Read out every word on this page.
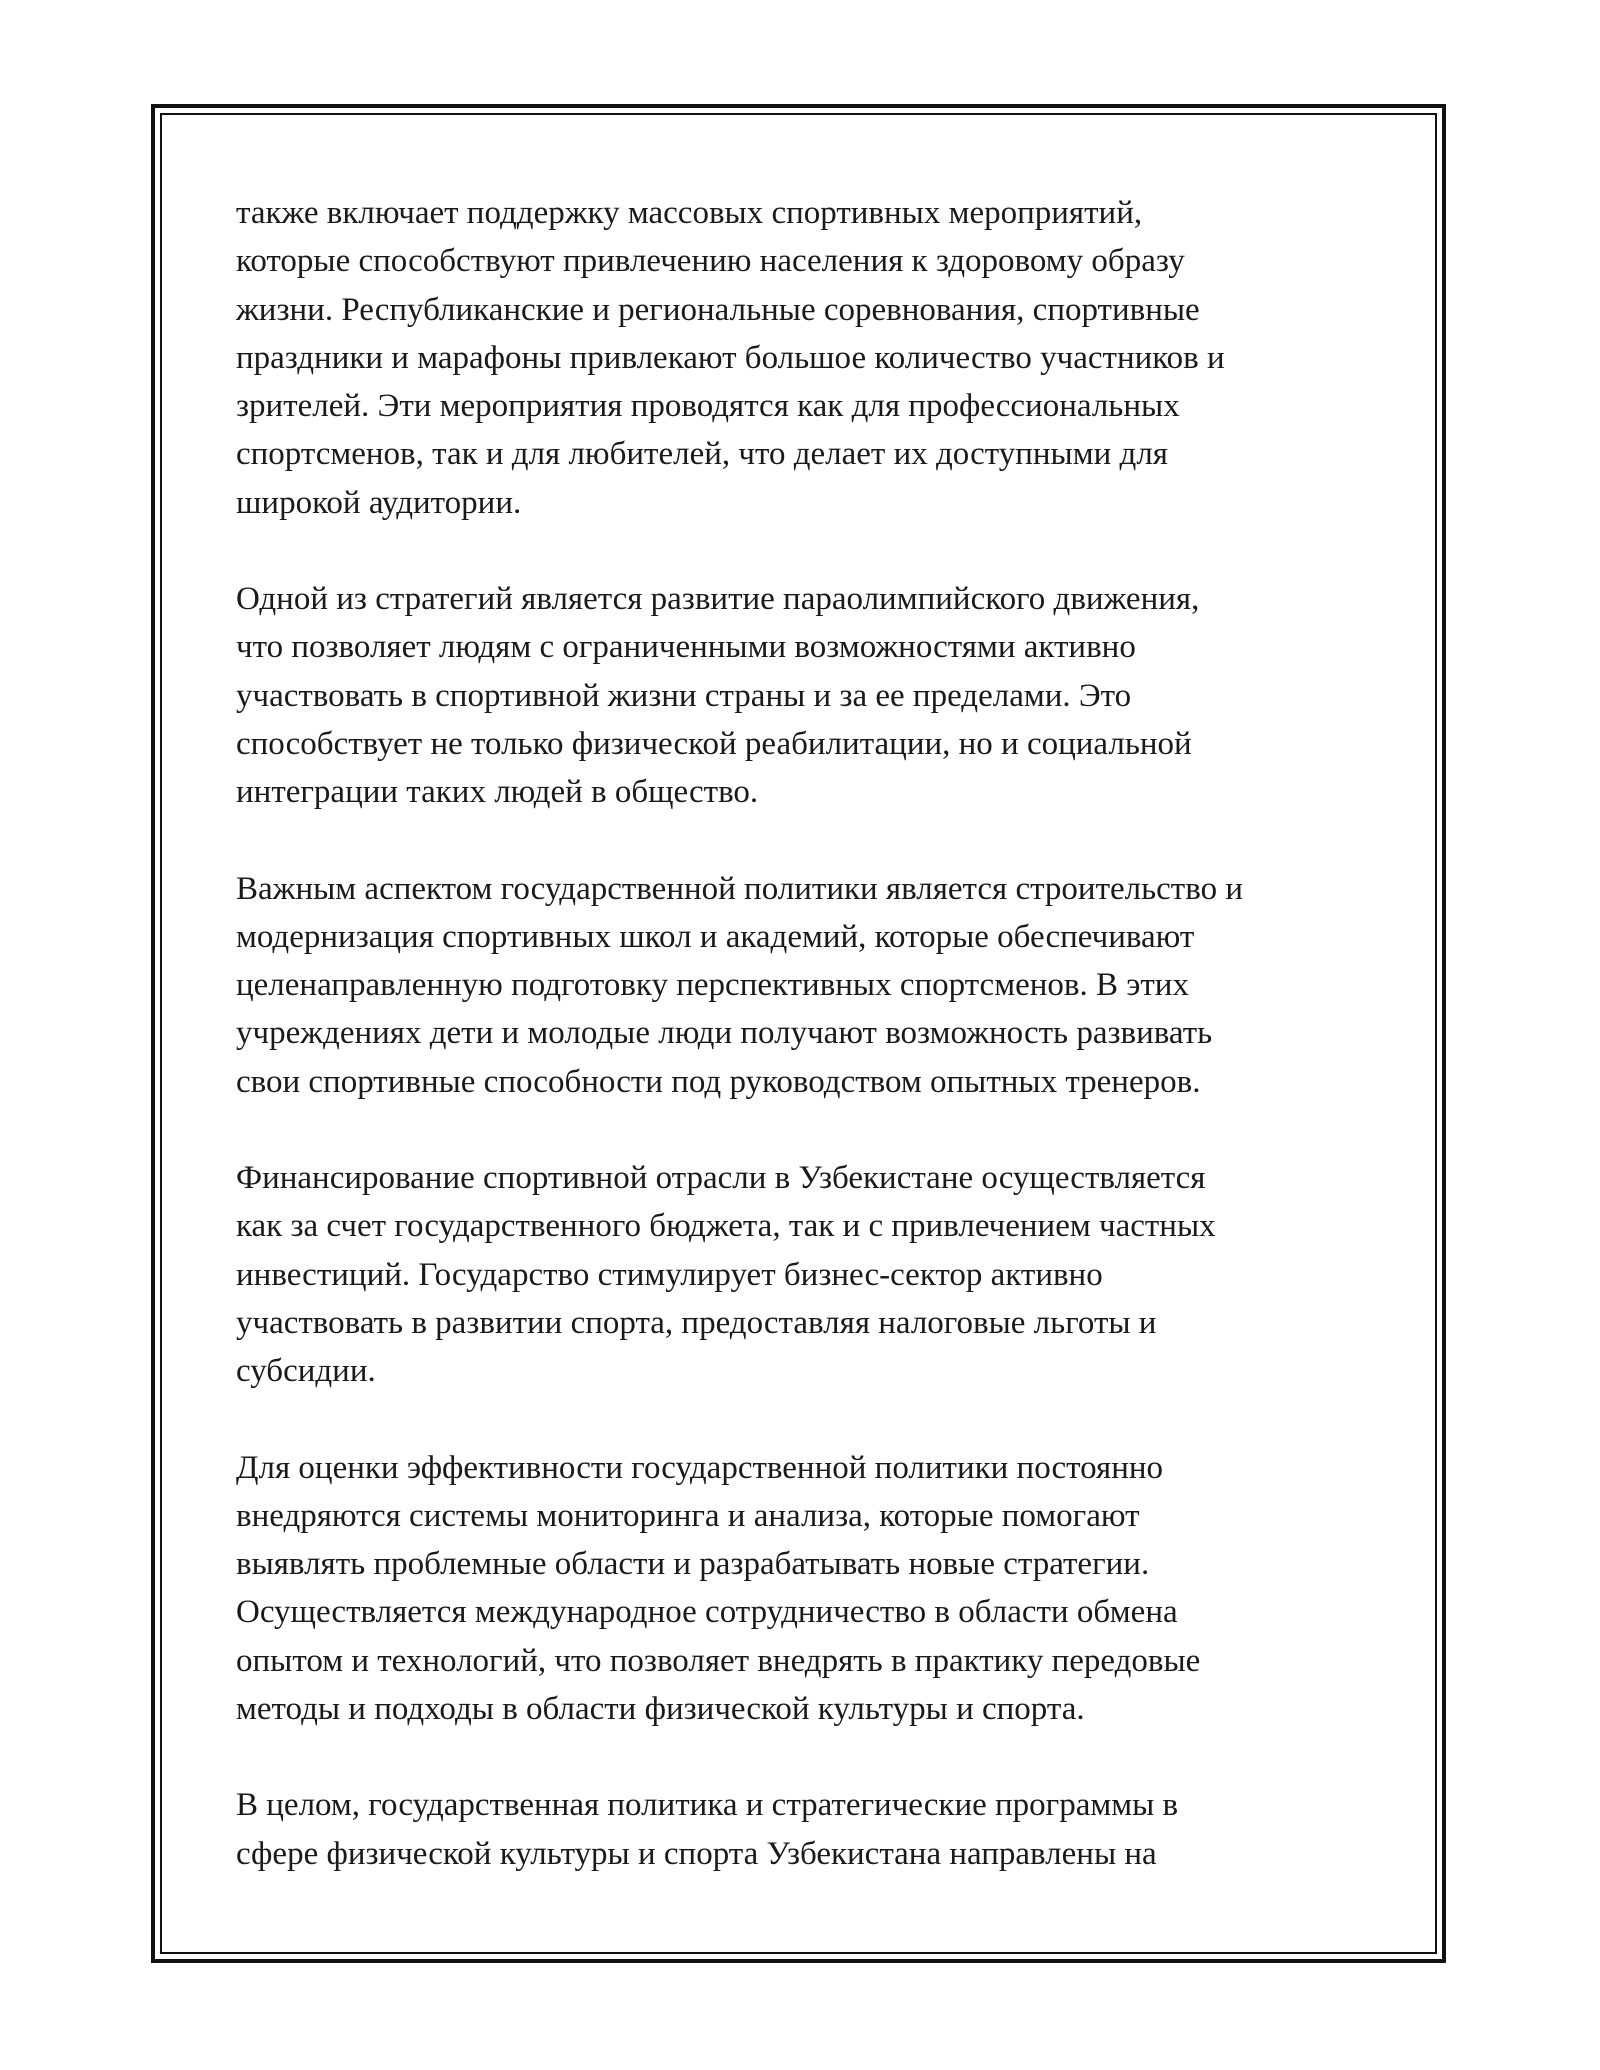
также включает поддержку массовых спортивных мероприятий,
которые способствуют привлечению населения к здоровому образу
жизни. Республиканские и региональные соревнования, спортивные
праздники и марафоны привлекают большое количество участников и
зрителей. Эти мероприятия проводятся как для профессиональных
спортсменов, так и для любителей, что делает их доступными для
широкой аудитории.

Одной из стратегий является развитие параолимпийского движения,
что позволяет людям с ограниченными возможностями активно
участвовать в спортивной жизни страны и за ее пределами. Это
способствует не только физической реабилитации, но и социальной
интеграции таких людей в общество.

Важным аспектом государственной политики является строительство и
модернизация спортивных школ и академий, которые обеспечивают
целенаправленную подготовку перспективных спортсменов. В этих
учреждениях дети и молодые люди получают возможность развивать
свои спортивные способности под руководством опытных тренеров.

Финансирование спортивной отрасли в Узбекистане осуществляется
как за счет государственного бюджета, так и с привлечением частных
инвестиций. Государство стимулирует бизнес-сектор активно
участвовать в развитии спорта, предоставляя налоговые льготы и
субсидии.

Для оценки эффективности государственной политики постоянно
внедряются системы мониторинга и анализа, которые помогают
выявлять проблемные области и разрабатывать новые стратегии.
Осуществляется международное сотрудничество в области обмена
опытом и технологий, что позволяет внедрять в практику передовые
методы и подходы в области физической культуры и спорта.

В целом, государственная политика и стратегические программы в
сфере физической культуры и спорта Узбекистана направлены на
